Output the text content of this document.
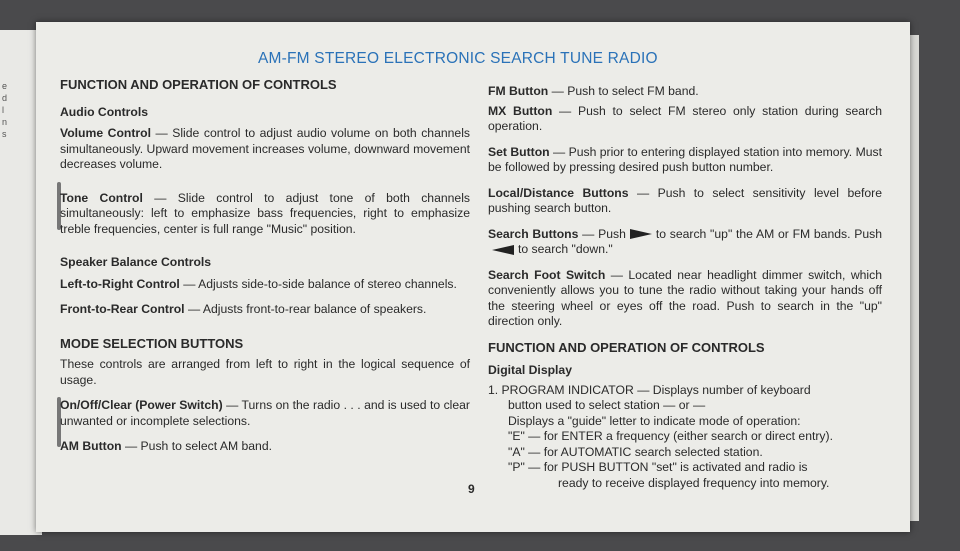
e
d
l
n
s
AM-FM STEREO ELECTRONIC SEARCH TUNE RADIO
FUNCTION AND OPERATION OF CONTROLS
Audio Controls
Volume Control — Slide control to adjust audio volume on both channels simultaneously. Upward movement increases volume, downward movement decreases volume.
Tone Control — Slide control to adjust tone of both channels simultaneously: left to emphasize bass frequencies, right to emphasize treble frequencies, center is full range "Music" position.
Speaker Balance Controls
Left-to-Right Control — Adjusts side-to-side balance of stereo channels.
Front-to-Rear Control — Adjusts front-to-rear balance of speakers.
MODE SELECTION BUTTONS
These controls are arranged from left to right in the logical sequence of usage.
On/Off/Clear (Power Switch) — Turns on the radio . . . and is used to clear unwanted or incomplete selections.
AM Button — Push to select AM band.
FM Button — Push to select FM band.
MX Button — Push to select FM stereo only station during search operation.
Set Button — Push prior to entering displayed station into memory. Must be followed by pressing desired push button number.
Local/Distance Buttons — Push to select sensitivity level before pushing search button.
Search Buttons — Push to search "up" the AM or FM bands. Pushto search "down."
Search Foot Switch — Located near headlight dimmer switch, which conveniently allows you to tune the radio without taking your hands off the steering wheel or eyes off the road. Push to search in the "up" direction only.
FUNCTION AND OPERATION OF CONTROLS
Digital Display
1. PROGRAM INDICATOR — Displays number of keyboard
button used to select station — or —
Displays a "guide" letter to indicate mode of operation:
"E" — for ENTER a frequency (either search or direct entry).
"A" — for AUTOMATIC search selected station.
"P" — for PUSH BUTTON "set" is activated and radio is
ready to receive displayed frequency into memory.
9
